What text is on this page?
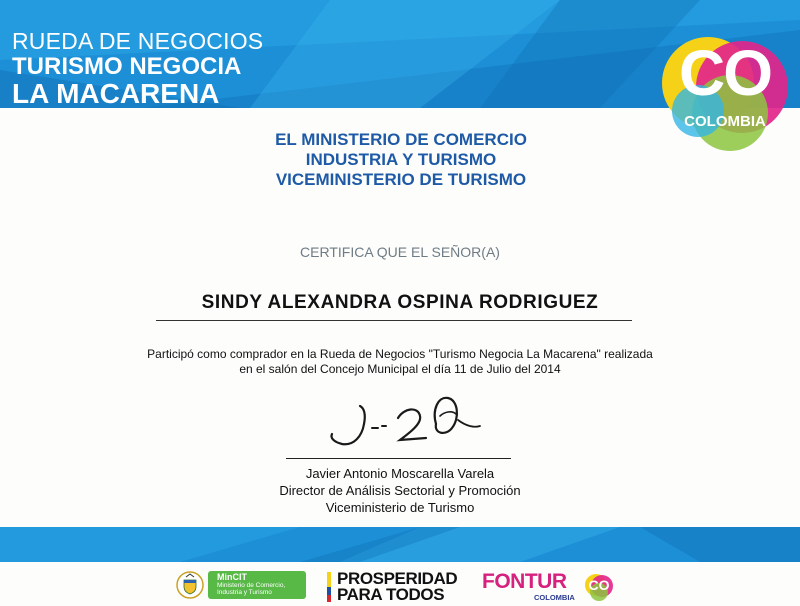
RUEDA DE NEGOCIOS
TURISMO NEGOCIA
LA MACARENA	CO
COLOMBIA
EL MINISTERIO DE COMERCIO
INDUSTRIA Y TURISMO
VICEMINISTERIO DE TURISMO
CERTIFICA QUE EL SEÑOR(A)
SINDY ALEXANDRA OSPINA RODRIGUEZ
Participó como comprador en la Rueda de Negocios "Turismo Negocia La Macarena" realizada
en el salón del Concejo Municipal el día 11 de Julio del 2014
Javier Antonio Moscarella Varela
Director de Análisis Sectorial y Promoción
Viceministerio de Turismo
MinCIT
Ministerio de Comercio, Industria y Turismo
PROSPERIDAD
PARA TODOS
FONTUR
COLOMBIA
CO
